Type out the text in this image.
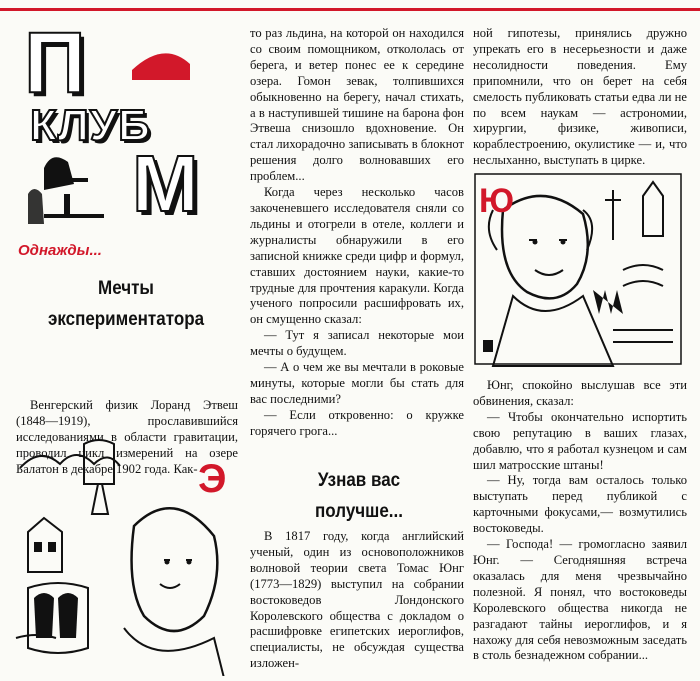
П
КЛУБ
М
Однажды...
Мечты
экспериментатора

Венгерский физик Лоранд Этвеш (1848—1919), прославившийся исследованиями в области гравитации, проводил цикл измерений на озере Балатон в декабре 1902 года. Как- Э

то раз льдина, на которой он находился со своим помощником, откололась от берега, и ветер понес ее к середине озера. Гомон зевак, толпившихся обыкновенно на берегу, начал стихать, а в наступившей тишине на барона фон Этвеша снизошло вдохновение. Он стал лихорадочно записывать в блокнот решения долго волновавших его проблем...

Когда через несколько часов закоченевшего исследователя сняли со льдины и отогрели в отеле, коллеги и журналисты обнаружили в его записной книжке среди цифр и формул, ставших достоянием науки, какие-то трудные для прочтения каракули. Когда ученого попросили расшифровать их, он смущенно сказал:

— Тут я записал некоторые мои мечты о будущем.

— А о чем же вы мечтали в роковые минуты, которые могли бы стать для вас последними?

— Если откровенно: о кружке горячего грога...

Узнав вас
получше...

В 1817 году, когда английский ученый, один из основоположников волновой теории света Томас Юнг (1773—1829) выступил на собрании востоковедов Лондонского Королевского общества с докладом о расшифровке египетских иероглифов, специалисты, не обсуждая существа изложен-

ной гипотезы, принялись дружно упрекать его в несерьезности и даже несолидности поведения. Ему припомнили, что он берет на себя смелость публиковать статьи едва ли не по всем наукам — астрономии, хирургии, физике, живописи, кораблестроению, окулистике — и, что неслыханно, выступать в цирке.

Ю

Юнг, спокойно выслушав все эти обвинения, сказал:

— Чтобы окончательно испортить свою репутацию в ваших глазах, добавлю, что я работал кузнецом и сам шил матросские штаны!

— Ну, тогда вам осталось только выступать перед публикой с карточными фокусами,— возмутились востоковеды.

— Господа! — громогласно заявил Юнг. — Сегодняшняя встреча оказалась для меня чрезвычайно полезной. Я понял, что востоковеды Королевского общества никогда не разгадают тайны иероглифов, и я нахожу для себя невозможным заседать в столь безнадежном собрании...
